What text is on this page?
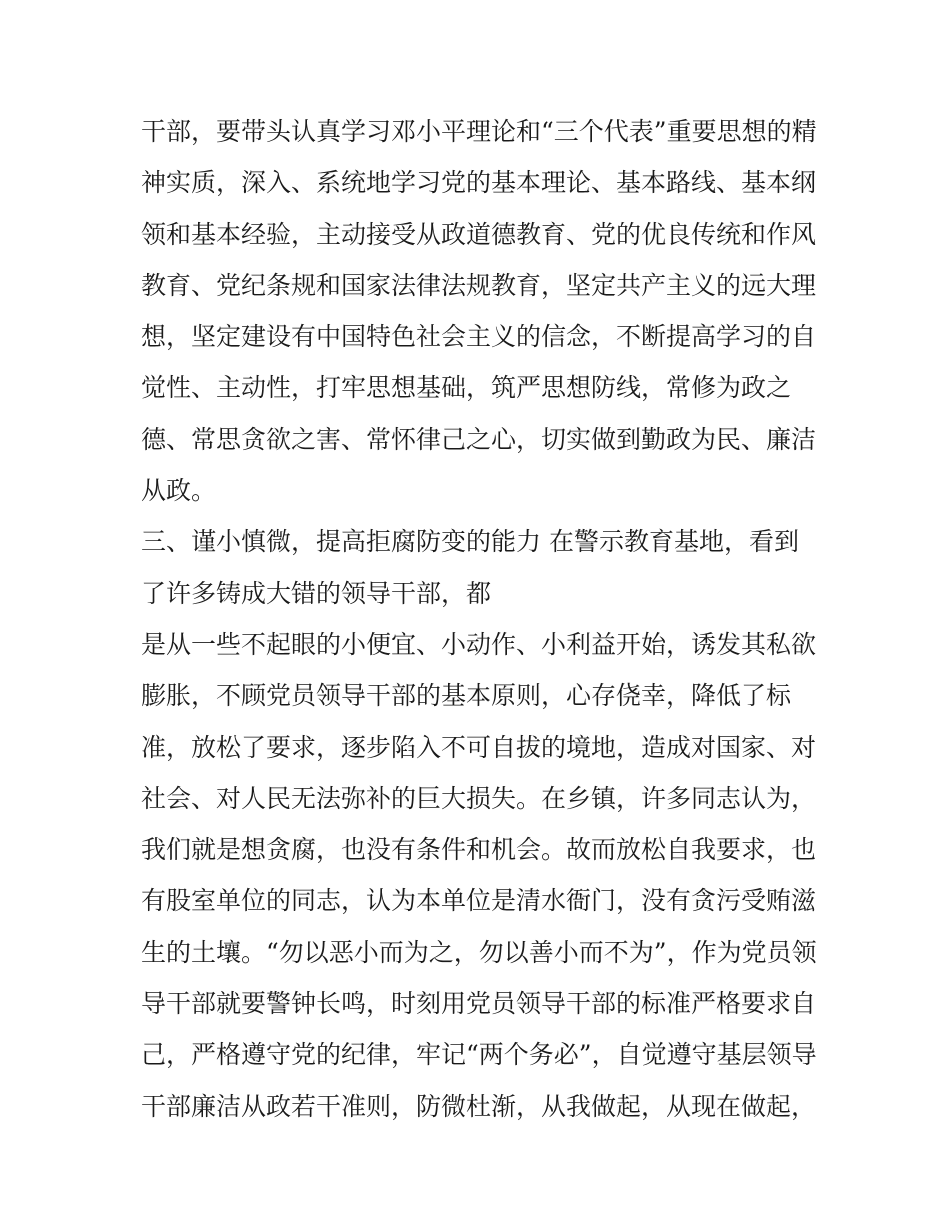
干部，要带头认真学习邓小平理论和“三个代表”重要思想的精
神实质，深入、系统地学习党的基本理论、基本路线、基本纲
领和基本经验，主动接受从政道德教育、党的优良传统和作风
教育、党纪条规和国家法律法规教育，坚定共产主义的远大理
想，坚定建设有中国特色社会主义的信念，不断提高学习的自
觉性、主动性，打牢思想基础，筑严思想防线，常修为政之
德、常思贪欲之害、常怀律己之心，切实做到勤政为民、廉洁
从政。
三、谨小慎微，提高拒腐防变的能力 在警示教育基地，看到
了许多铸成大错的领导干部，都
是从一些不起眼的小便宜、小动作、小利益开始，诱发其私欲
膨胀，不顾党员领导干部的基本原则，心存侥幸，降低了标
准，放松了要求，逐步陷入不可自拔的境地，造成对国家、对
社会、对人民无法弥补的巨大损失。在乡镇，许多同志认为，
我们就是想贪腐，也没有条件和机会。故而放松自我要求，也
有股室单位的同志，认为本单位是清水衙门，没有贪污受贿滋
生的土壤。“勿以恶小而为之，勿以善小而不为”，作为党员领
导干部就要警钟长鸣，时刻用党员领导干部的标准严格要求自
己，严格遵守党的纪律，牢记“两个务必”，自觉遵守基层领导
干部廉洁从政若干准则，防微杜渐，从我做起，从现在做起，
